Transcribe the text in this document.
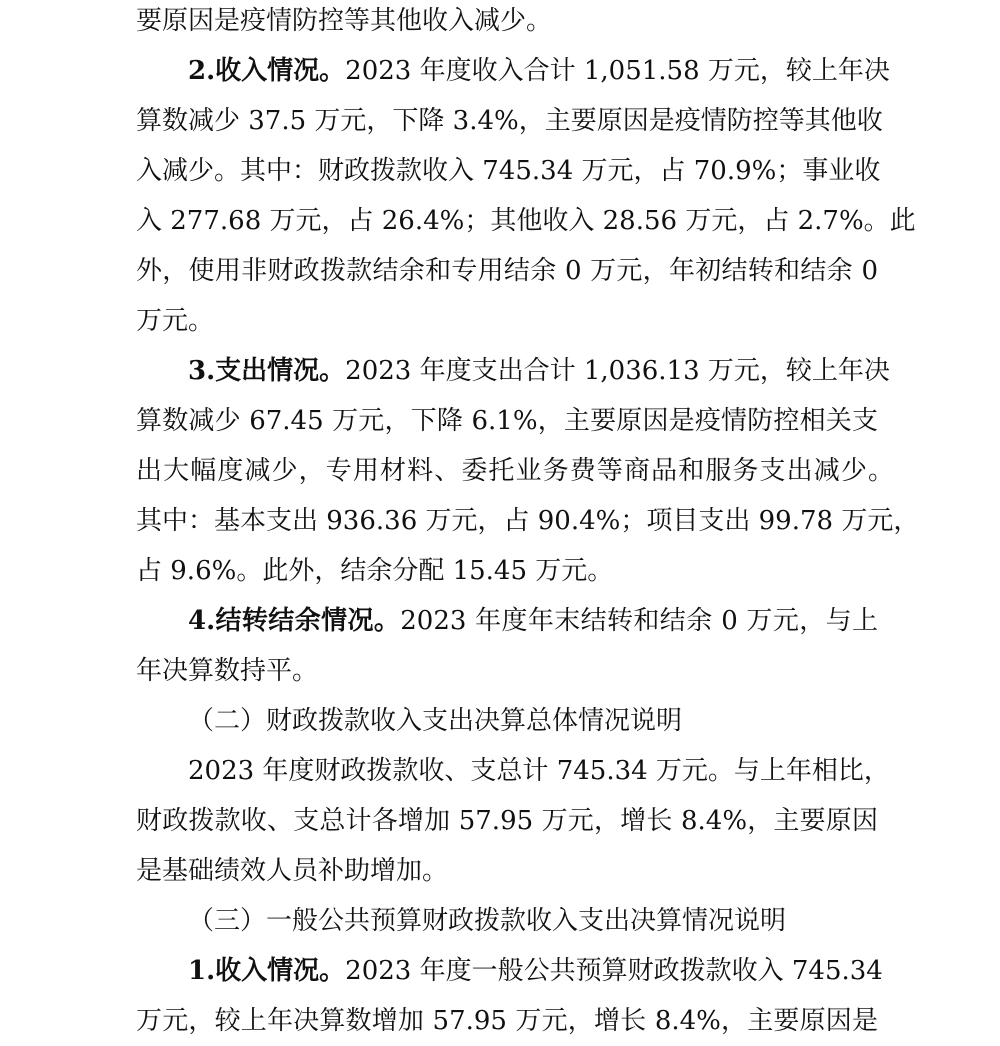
要原因是疫情防控等其他收入减少。
2.收入情况。2023 年度收入合计 1,051.58 万元，较上年决
算数减少 37.5 万元，下降 3.4%，主要原因是疫情防控等其他收
入减少。其中：财政拨款收入 745.34 万元，占 70.9%；事业收
入 277.68 万元，占 26.4%；其他收入 28.56 万元，占 2.7%。此
外，使用非财政拨款结余和专用结余 0 万元，年初结转和结余 0
万元。
3.支出情况。2023 年度支出合计 1,036.13 万元，较上年决
算数减少 67.45 万元，下降 6.1%，主要原因是疫情防控相关支
出大幅度减少，专用材料、委托业务费等商品和服务支出减少。
其中：基本支出 936.36 万元，占 90.4%；项目支出 99.78 万元，
占 9.6%。此外，结余分配 15.45 万元。
4.结转结余情况。2023 年度年末结转和结余 0 万元，与上
年决算数持平。
（二）财政拨款收入支出决算总体情况说明
2023 年度财政拨款收、支总计 745.34 万元。与上年相比，
财政拨款收、支总计各增加 57.95 万元，增长 8.4%，主要原因
是基础绩效人员补助增加。
（三）一般公共预算财政拨款收入支出决算情况说明
1.收入情况。2023 年度一般公共预算财政拨款收入 745.34
万元，较上年决算数增加 57.95 万元，增长 8.4%，主要原因是
